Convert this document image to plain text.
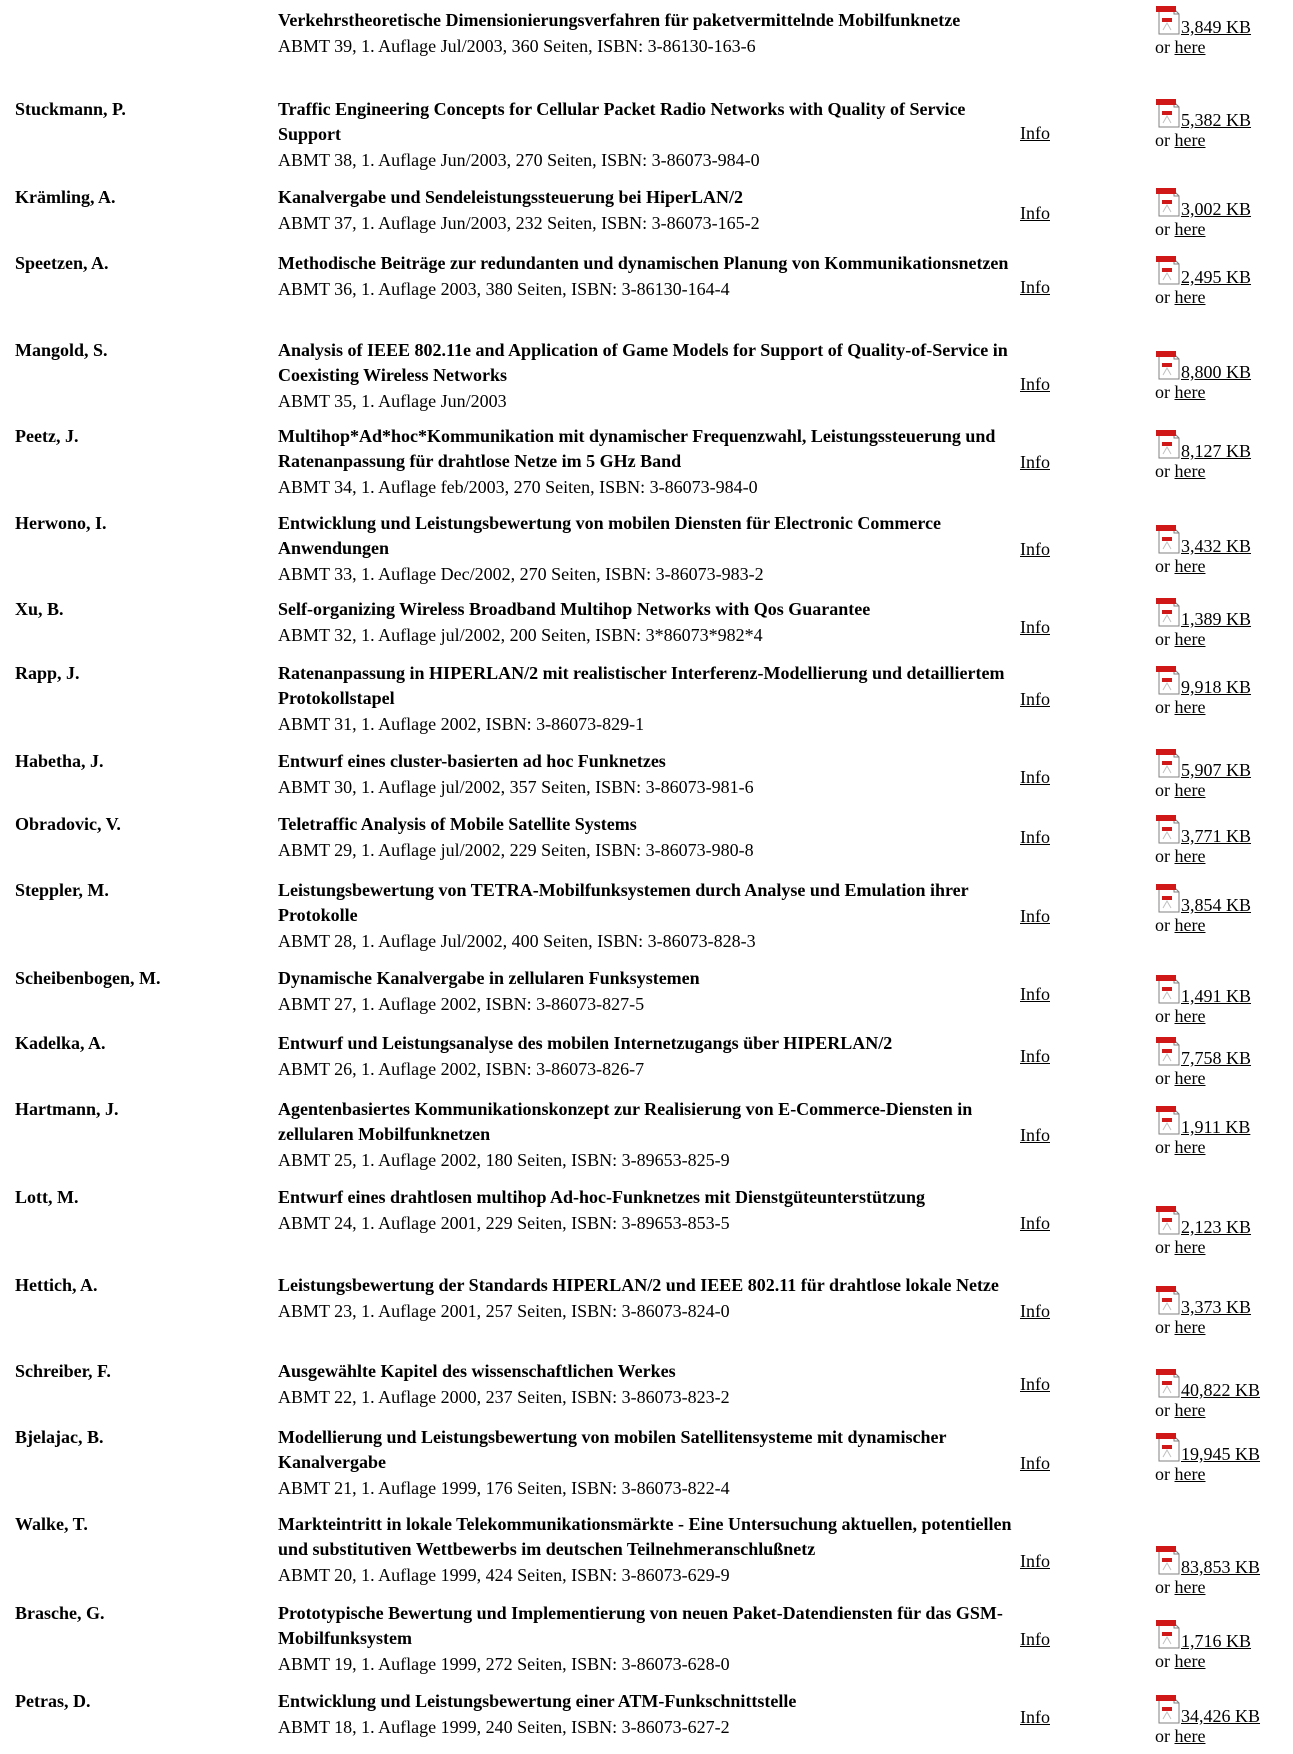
Verkehrstheoretische Dimensionierungsverfahren für paketvermittelnde Mobilfunknetze
ABMT 39, 1. Auflage Jul/2003, 360 Seiten, ISBN: 3-86130-163-6
3,849 KB
or here
Stuckmann, P.	Traffic Engineering Concepts for Cellular Packet Radio Networks with Quality of Service Support
ABMT 38, 1. Auflage Jun/2003, 270 Seiten, ISBN: 3-86073-984-0
Info
5,382 KB
or here
Krämling, A.	Kanalvergabe und Sendeleistungssteuerung bei HiperLAN/2
ABMT 37, 1. Auflage Jun/2003, 232 Seiten, ISBN: 3-86073-165-2	Info	3,002 KB
or here
Speetzen, A.	Methodische Beiträge zur redundanten und dynamischen Planung von Kommunikationsnetzen
ABMT 36, 1. Auflage 2003, 380 Seiten, ISBN: 3-86130-164-4	Info	2,495 KB
or here
Mangold, S.	Analysis of IEEE 802.11e and Application of Game Models for Support of Quality-of-Service in Coexisting Wireless Networks
ABMT 35, 1. Auflage Jun/2003
Info
8,800 KB
or here
Peetz, J.	Multihop*Ad*hoc*Kommunikation mit dynamischer Frequenzwahl, Leistungssteuerung und Ratenanpassung für drahtlose Netze im 5 GHz Band
ABMT 34, 1. Auflage feb/2003, 270 Seiten, ISBN: 3-86073-984-0
Info
8,127 KB
or here
Herwono, I.	Entwicklung und Leistungsbewertung von mobilen Diensten für Electronic Commerce Anwendungen
ABMT 33, 1. Auflage Dec/2002, 270 Seiten, ISBN: 3-86073-983-2
Info	3,432 KB
or here
Xu, B.	Self-organizing Wireless Broadband Multihop Networks with Qos Guarantee
ABMT 32, 1. Auflage jul/2002, 200 Seiten, ISBN: 3*86073*982*4	Info	1,389 KB
or here
Rapp, J.	Ratenanpassung in HIPERLAN/2 mit realistischer Interferenz-Modellierung und detailliertem Protokollstapel
ABMT 31, 1. Auflage 2002, ISBN: 3-86073-829-1
Info
9,918 KB
or here
Habetha, J.	Entwurf eines cluster-basierten ad hoc Funknetzes
ABMT 30, 1. Auflage jul/2002, 357 Seiten, ISBN: 3-86073-981-6	Info	5,907 KB
or here
Obradovic, V.	Teletraffic Analysis of Mobile Satellite Systems
ABMT 29, 1. Auflage jul/2002, 229 Seiten, ISBN: 3-86073-980-8
Info	3,771 KB
or here
Steppler, M.	Leistungsbewertung von TETRA-Mobilfunksystemen durch Analyse und Emulation ihrer Protokolle
ABMT 28, 1. Auflage Jul/2002, 400 Seiten, ISBN: 3-86073-828-3
Info
3,854 KB
or here
Scheibenbogen, M.	Dynamische Kanalvergabe in zellularen Funksystemen
ABMT 27, 1. Auflage 2002, ISBN: 3-86073-827-5	Info	1,491 KB
or here
Kadelka, A.	Entwurf und Leistungsanalyse des mobilen Internetzugangs über HIPERLAN/2
ABMT 26, 1. Auflage 2002, ISBN: 3-86073-826-7
Info	7,758 KB
or here
Hartmann, J.	Agentenbasiertes Kommunikationskonzept zur Realisierung von E-Commerce-Diensten in zellularen Mobilfunknetzen
ABMT 25, 1. Auflage 2002, 180 Seiten, ISBN: 3-89653-825-9
Info	1,911 KB
or here
Lott, M.	Entwurf eines drahtlosen multihop Ad-hoc-Funknetzes mit Dienstgüteunterstützung
ABMT 24, 1. Auflage 2001, 229 Seiten, ISBN: 3-89653-853-5	Info	2,123 KB
or here
Hettich, A.	Leistungsbewertung der Standards HIPERLAN/2 und IEEE 802.11 für drahtlose lokale Netze
ABMT 23, 1. Auflage 2001, 257 Seiten, ISBN: 3-86073-824-0	Info	3,373 KB
or here
Schreiber, F.	Ausgewählte Kapitel des wissenschaftlichen Werkes
ABMT 22, 1. Auflage 2000, 237 Seiten, ISBN: 3-86073-823-2
Info	40,822 KB
or here
Bjelajac, B.	Modellierung und Leistungsbewertung von mobilen Satellitensysteme mit dynamischer Kanalvergabe
ABMT 21, 1. Auflage 1999, 176 Seiten, ISBN: 3-86073-822-4
Info	19,945 KB
or here
Walke, T.	Markteintritt in lokale Telekommunikationsmärkte - Eine Untersuchung aktuellen, potentiellen und substitutiven Wettbewerbs im deutschen Teilnehmeranschlußnetz
ABMT 20, 1. Auflage 1999, 424 Seiten, ISBN: 3-86073-629-9
Info	83,853 KB
or here
Brasche, G.	Prototypische Bewertung und Implementierung von neuen Paket-Datendiensten für das GSM-Mobilfunksystem
ABMT 19, 1. Auflage 1999, 272 Seiten, ISBN: 3-86073-628-0
Info	1,716 KB
or here
Petras, D.	Entwicklung und Leistungsbewertung einer ATM-Funkschnittstelle
ABMT 18, 1. Auflage 1999, 240 Seiten, ISBN: 3-86073-627-2	Info	34,426 KB
or here
